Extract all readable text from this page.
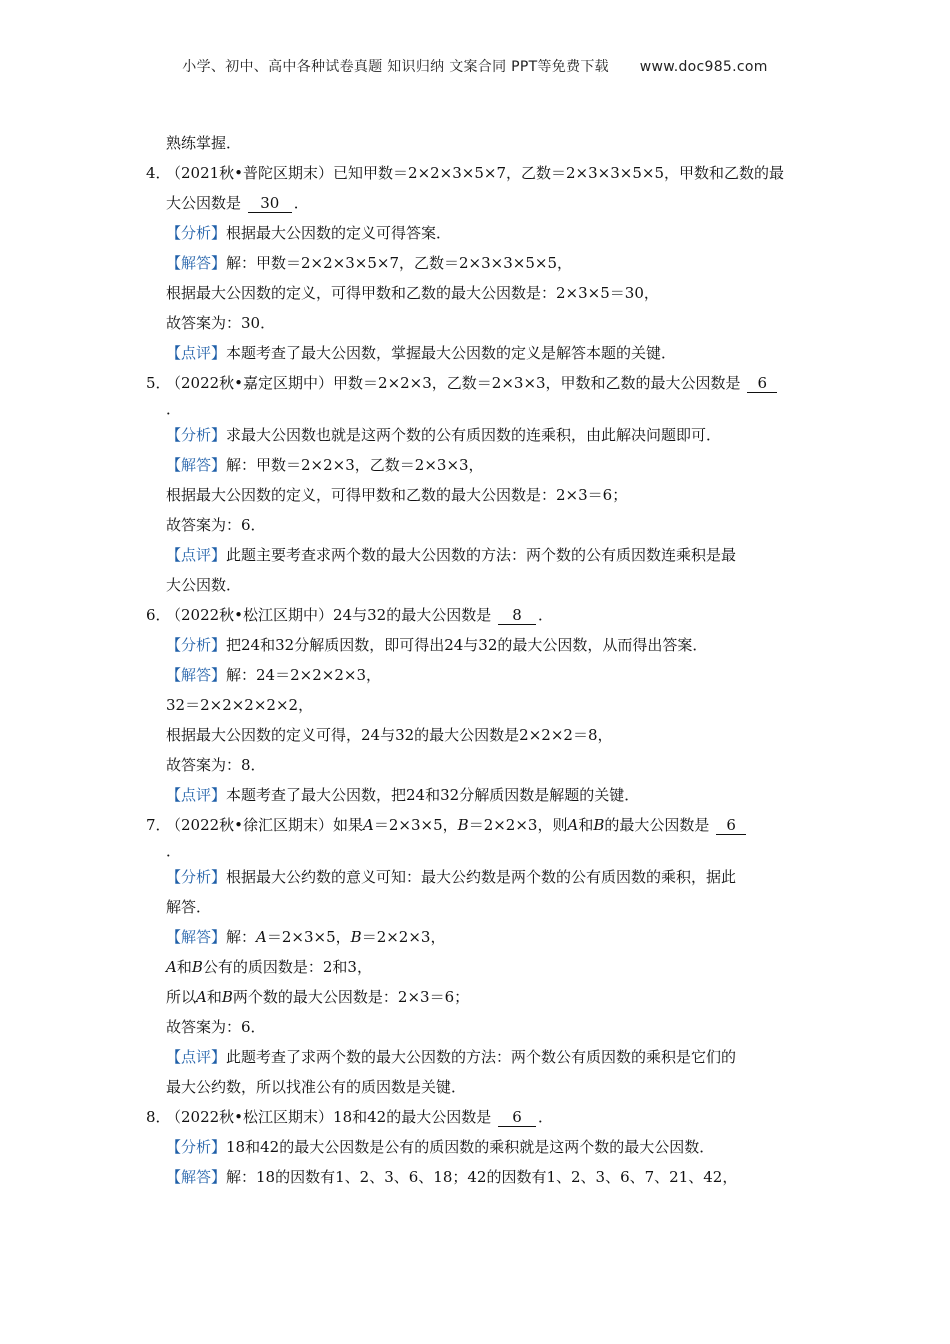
小学、初中、高中各种试卷真题 知识归纳 文案合同 PPT等免费下载 www.doc985.com
熟练掌握．
4．（2021秋•普陀区期末）已知甲数＝2×2×3×5×7，乙数＝2×3×3×5×5，甲数和乙数的最
大公因数是 30 ．
【分析】根据最大公因数的定义可得答案．
【解答】解：甲数＝2×2×3×5×7，乙数＝2×3×3×5×5，
根据最大公因数的定义，可得甲数和乙数的最大公因数是：2×3×5＝30，
故答案为：30．
【点评】本题考查了最大公因数，掌握最大公因数的定义是解答本题的关键．
5．（2022秋•嘉定区期中）甲数＝2×2×3，乙数＝2×3×3，甲数和乙数的最大公因数是 6
．
【分析】求最大公因数也就是这两个数的公有质因数的连乘积，由此解决问题即可．
【解答】解：甲数＝2×2×3，乙数＝2×3×3，
根据最大公因数的定义，可得甲数和乙数的最大公因数是：2×3＝6；
故答案为：6．
【点评】此题主要考查求两个数的最大公因数的方法：两个数的公有质因数连乘积是最
大公因数．
6．（2022秋•松江区期中）24与32的最大公因数是 8 ．
【分析】把24和32分解质因数，即可得出24与32的最大公因数，从而得出答案．
【解答】解：24＝2×2×2×3，
32＝2×2×2×2×2，
根据最大公因数的定义可得，24与32的最大公因数是2×2×2＝8，
故答案为：8．
【点评】本题考查了最大公因数，把24和32分解质因数是解题的关键．
7．（2022秋•徐汇区期末）如果A＝2×3×5，B＝2×2×3，则A和B的最大公因数是 6
．
【分析】根据最大公约数的意义可知：最大公约数是两个数的公有质因数的乘积，据此
解答．
【解答】解：A＝2×3×5，B＝2×2×3，
A和B公有的质因数是：2和3，
所以A和B两个数的最大公因数是：2×3＝6；
故答案为：6．
【点评】此题考查了求两个数的最大公因数的方法：两个数公有质因数的乘积是它们的
最大公约数，所以找准公有的质因数是关键．
8．（2022秋•松江区期末）18和42的最大公因数是 6 ．
【分析】18和42的最大公因数是公有的质因数的乘积就是这两个数的最大公因数．
【解答】解：18的因数有1、2、3、6、18；42的因数有1、2、3、6、7、21、42，
